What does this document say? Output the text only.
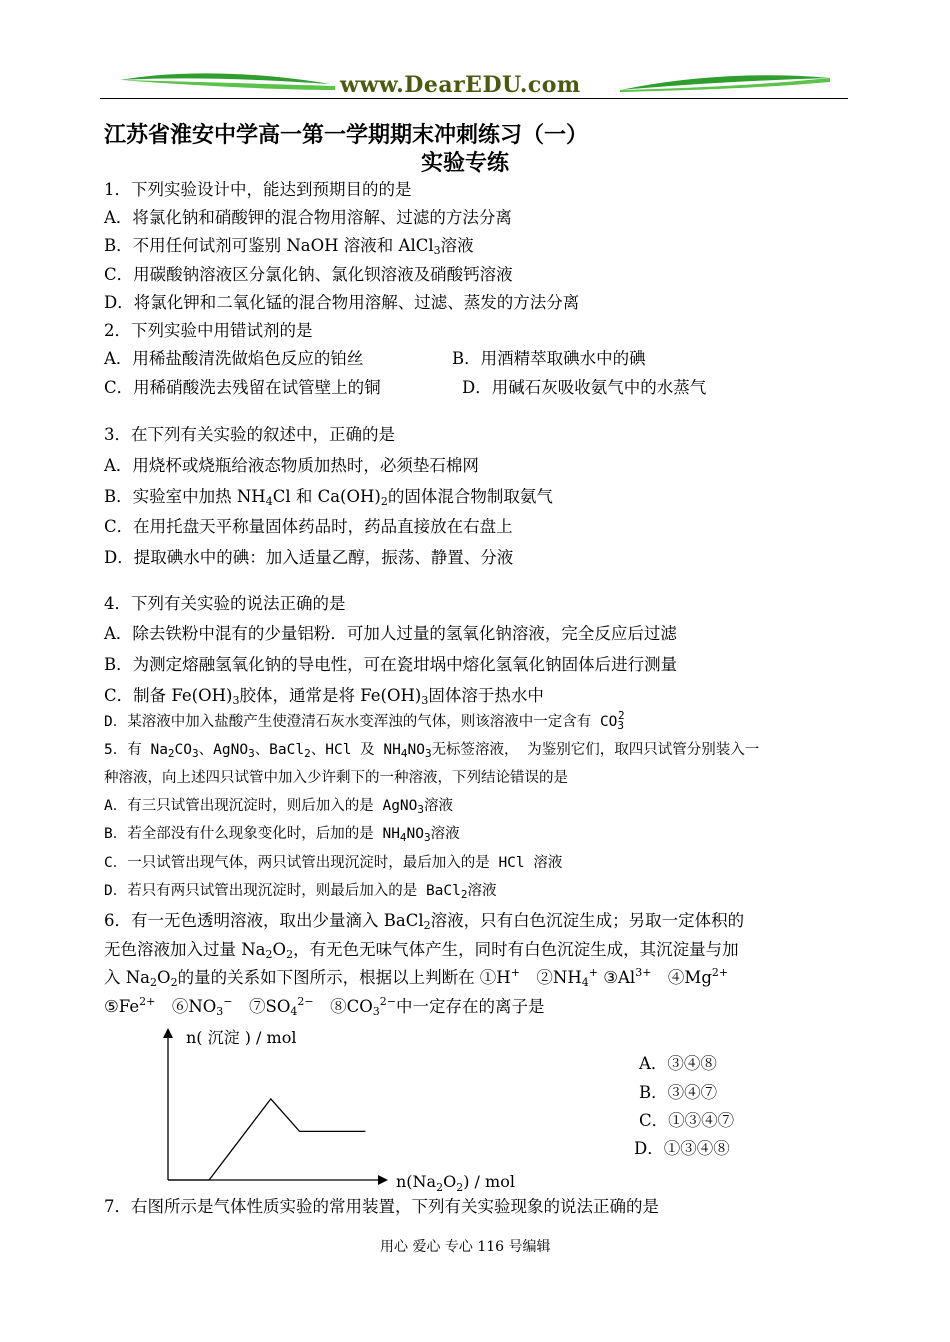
www.DearEDU.com
江苏省淮安中学高一第一学期期末冲刺练习（一）
实验专练
1．下列实验设计中，能达到预期目的的是
A．将氯化钠和硝酸钾的混合物用溶解、过滤的方法分离
B．不用任何试剂可鉴别 NaOH 溶液和 AlCl$_3$溶液
C．用碳酸钠溶液区分氯化钠、氯化钡溶液及硝酸钙溶液
D．将氯化钾和二氧化锰的混合物用溶解、过滤、蒸发的方法分离
2．下列实验中用错试剂的是
A．用稀盐酸清洗做焰色反应的铂丝	B．用酒精萃取碘水中的碘
C．用稀硝酸洗去残留在试管壁上的铜	D．用碱石灰吸收氨气中的水蒸气
3．在下列有关实验的叙述中，正确的是
A．用烧杯或烧瓶给液态物质加热时，必须垫石棉网
B．实验室中加热 $NH_4Cl$ 和 $Ca(OH)_2$的固体混合物制取氨气
C．在用托盘天平称量固体药品时，药品直接放在右盘上
D．提取碘水中的碘：加入适量乙醇，振荡、静置、分液
4．下列有关实验的说法正确的是
A．除去铁粉中混有的少量铝粉．可加人过量的氢氧化钠溶液，完全反应后过滤
B．为测定熔融氢氧化钠的导电性，可在瓷坩埚中熔化氢氧化钠固体后进行测量
C．制备 $Fe(OH)_3$胶体，通常是将 $Fe(OH)_3$固体溶于热水中
D．某溶液中加入盐酸产生使澄清石灰水变浑浊的气体，则该溶液中一定含有 $CO_3^2$
5．有 $Na_2CO_3$、AgNO$_3$、BaCl$_2$、HCl 及 $NH_4NO_3$无标签溶液， 为鉴别它们，取四只试管分别装入一
种溶液，向上述四只试管中加入少许剩下的一种溶液，下列结论错误的是
A．有三只试管出现沉淀时，则后加入的是 AgNO$_3$溶液
B．若全部没有什么现象变化时，后加的是 $NH_4NO_3$溶液
C．一只试管出现气体，两只试管出现沉淀时，最后加入的是 HCl 溶液
D．若只有两只试管出现沉淀时，则最后加入的是 BaCl$_2$溶液
6．有一无色透明溶液，取出少量滴入 BaCl$_2$溶液，只有白色沉淀生成；另取一定体积的
无色溶液加入过量 $Na_2O_2$，有无色无味气体产生，同时有白色沉淀生成，其沉淀量与加
入 $Na_2O_2$的量的关系如下图所示，根据以上判断在 ①H+　$②NH_4^+$ $③Al^{3+}$　$④Mg^{2+}$
$⑤Fe^{2+}$　$⑥NO_3^-$　$⑦SO_4^{2-}$　$⑧CO_3^{2-}$中一定存在的离子是
n( 沉淀 ) / mol
$n(Na_2O_2)$ / mol
A．③④⑧
B．③④⑦
C．①③④⑦
D．①③④⑧
7．右图所示是气体性质实验的常用装置，下列有关实验现象的说法正确的是
用心 爱心 专心 116 号编辑
